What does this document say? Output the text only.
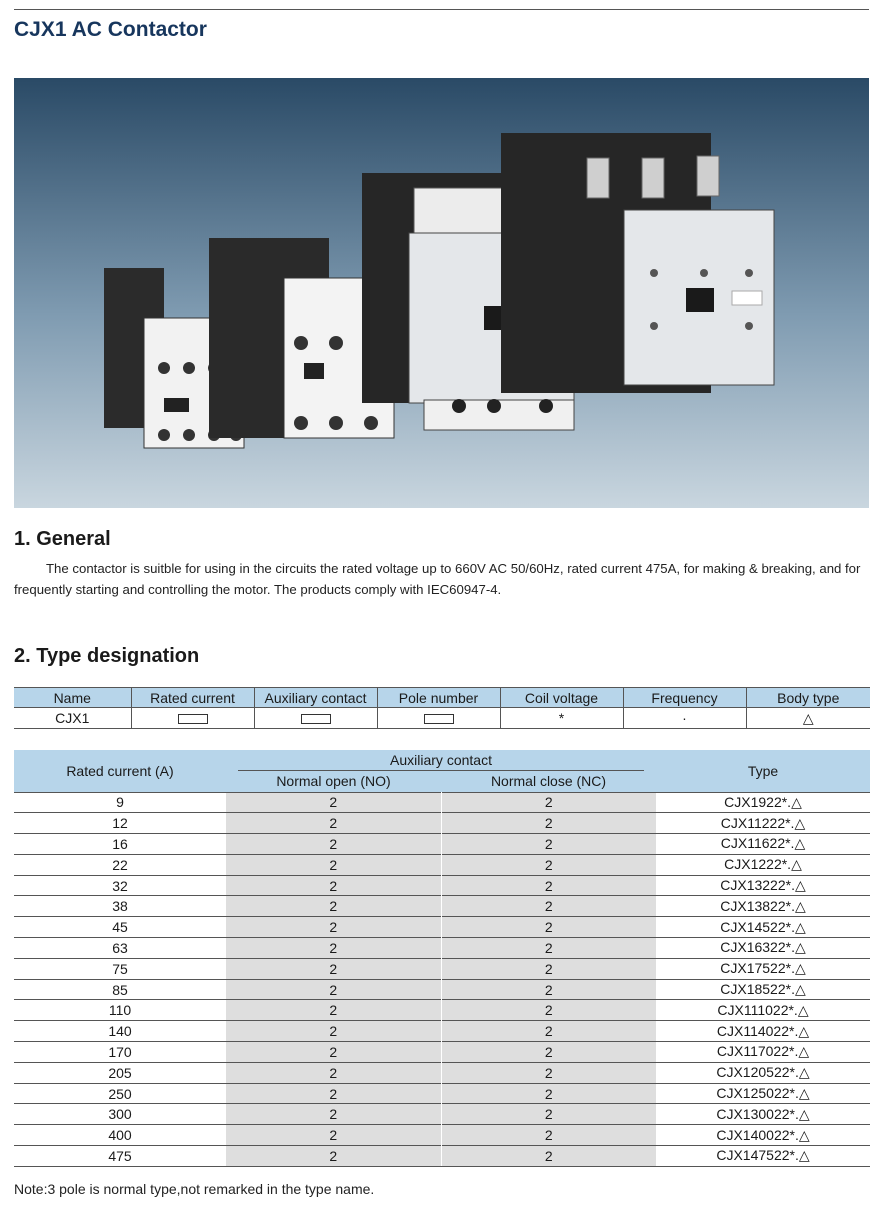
CJX1 AC Contactor
1. General

The contactor is suitble for using in the circuits the rated voltage up to 660V AC 50/60Hz, rated current 475A, for making & breaking, and for frequently starting and controlling the motor. The products comply with IEC60947-4.

2. Type designation
Name	Rated current	Auxiliary contact	Pole number	Coil voltage	Frequency	Body type
CJX1				*	·	△
Rated current (A)	Auxiliary contact		Type
	Normal open (NO)	Normal close (NC)	
9	2	2	CJX1922*.△
12	2	2	CJX11222*.△
16	2	2	CJX11622*.△
22	2	2	CJX1222*.△
32	2	2	CJX13222*.△
38	2	2	CJX13822*.△
45	2	2	CJX14522*.△
63	2	2	CJX16322*.△
75	2	2	CJX17522*.△
85	2	2	CJX18522*.△
110	2	2	CJX111022*.△
140	2	2	CJX114022*.△
170	2	2	CJX117022*.△
205	2	2	CJX120522*.△
250	2	2	CJX125022*.△
300	2	2	CJX130022*.△
400	2	2	CJX140022*.△
475	2	2	CJX147522*.△
Note:3 pole is normal type,not remarked in the type name.
